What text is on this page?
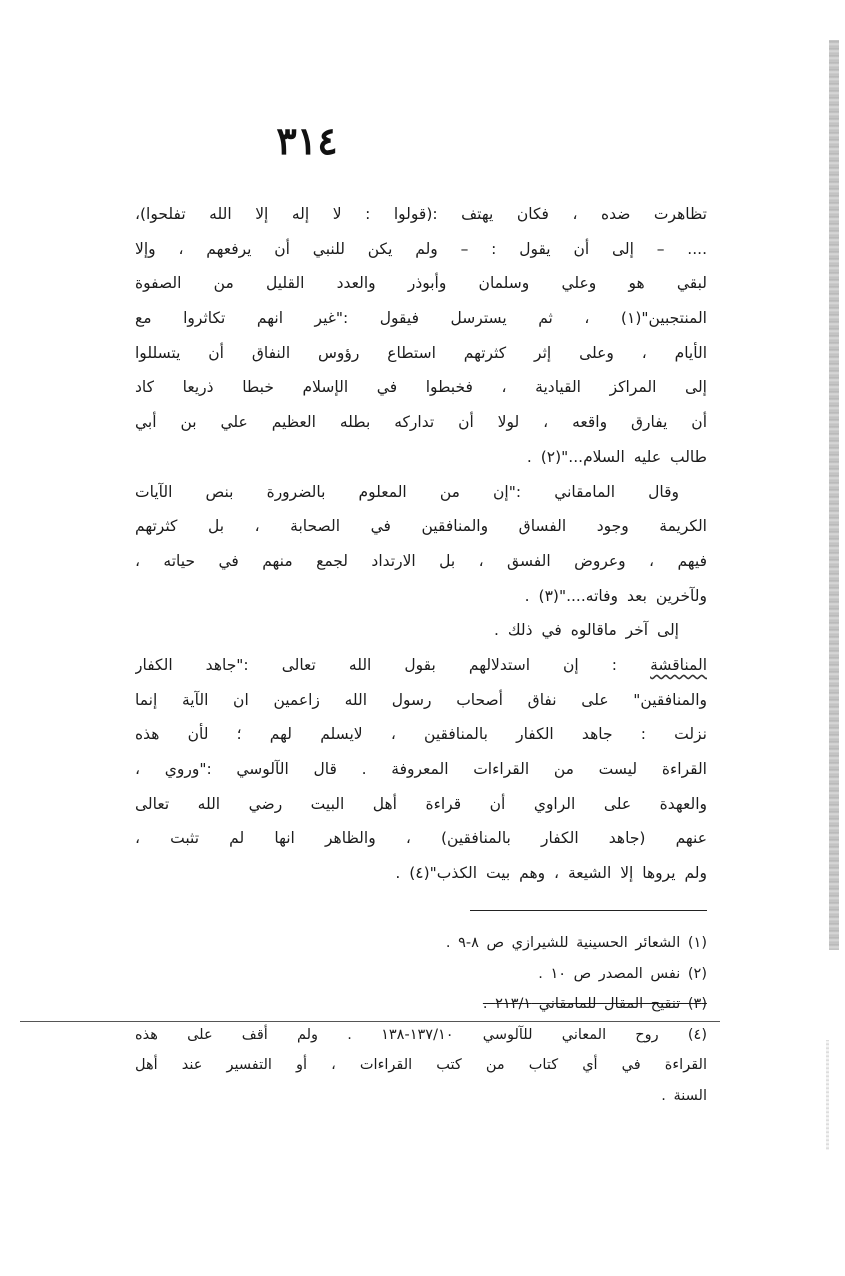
٣١٤
تظاهرت ضده ، فكان يهتف :(قولوا : لا إله إلا الله تفلحوا)،
.... – إلى أن يقول : – ولم يكن للنبي أن يرفعهم ، وإلا
لبقي هو وعلي وسلمان وأبوذر والعدد القليل من الصفوة
المنتجبين"(١) ، ثم يسترسل فيقول :"غير انهم تكاثروا مع
الأيام ، وعلى إثر كثرتهم استطاع رؤوس النفاق أن يتسللوا
إلى المراكز القيادية ، فخبطوا في الإسلام خبطا ذريعا كاد
أن يفارق واقعه ، لولا أن تداركه بطله العظيم علي بن أبي
طالب عليه السلام..."(٢) .
وقال المامقاني :"إن من المعلوم بالضرورة بنص الآيات
الكريمة وجود الفساق والمنافقين في الصحابة ، بل كثرتهم
فيهم ، وعروض الفسق ، بل الارتداد لجمع منهم في حياته ،
ولآخرين بعد وفاته...."(٣) .
إلى آخر ماقالوه في ذلك .
المناقشة : إن استدلالهم بقول الله تعالى :"جاهد الكفار
والمنافقين" على نفاق أصحاب رسول الله زاعمين ان الآية إنما
نزلت : جاهد الكفار بالمنافقين ، لايسلم لهم ؛ لأن هذه
القراءة ليست من القراءات المعروفة . قال الآلوسي :"وروي ،
والعهدة على الراوي أن قراءة أهل البيت رضي الله تعالى
عنهم (جاهد الكفار بالمنافقين) ، والظاهر انها لم تثبت ،
ولم يروها إلا الشيعة ، وهم بيت الكذب"(٤) .
(١) الشعائر الحسينية للشيرازي ص ٨-٩ .
(٢) نفس المصدر ص ١٠ .
(٣) تنقيح المقال للمامقاني ٢١٣/١ .
(٤) روح المعاني للآلوسي ١٣٧/١٠-١٣٨ . ولم أقف على هذه
القراءة في أي كتاب من كتب القراءات ، أو التفسير عند أهل
السنة .
